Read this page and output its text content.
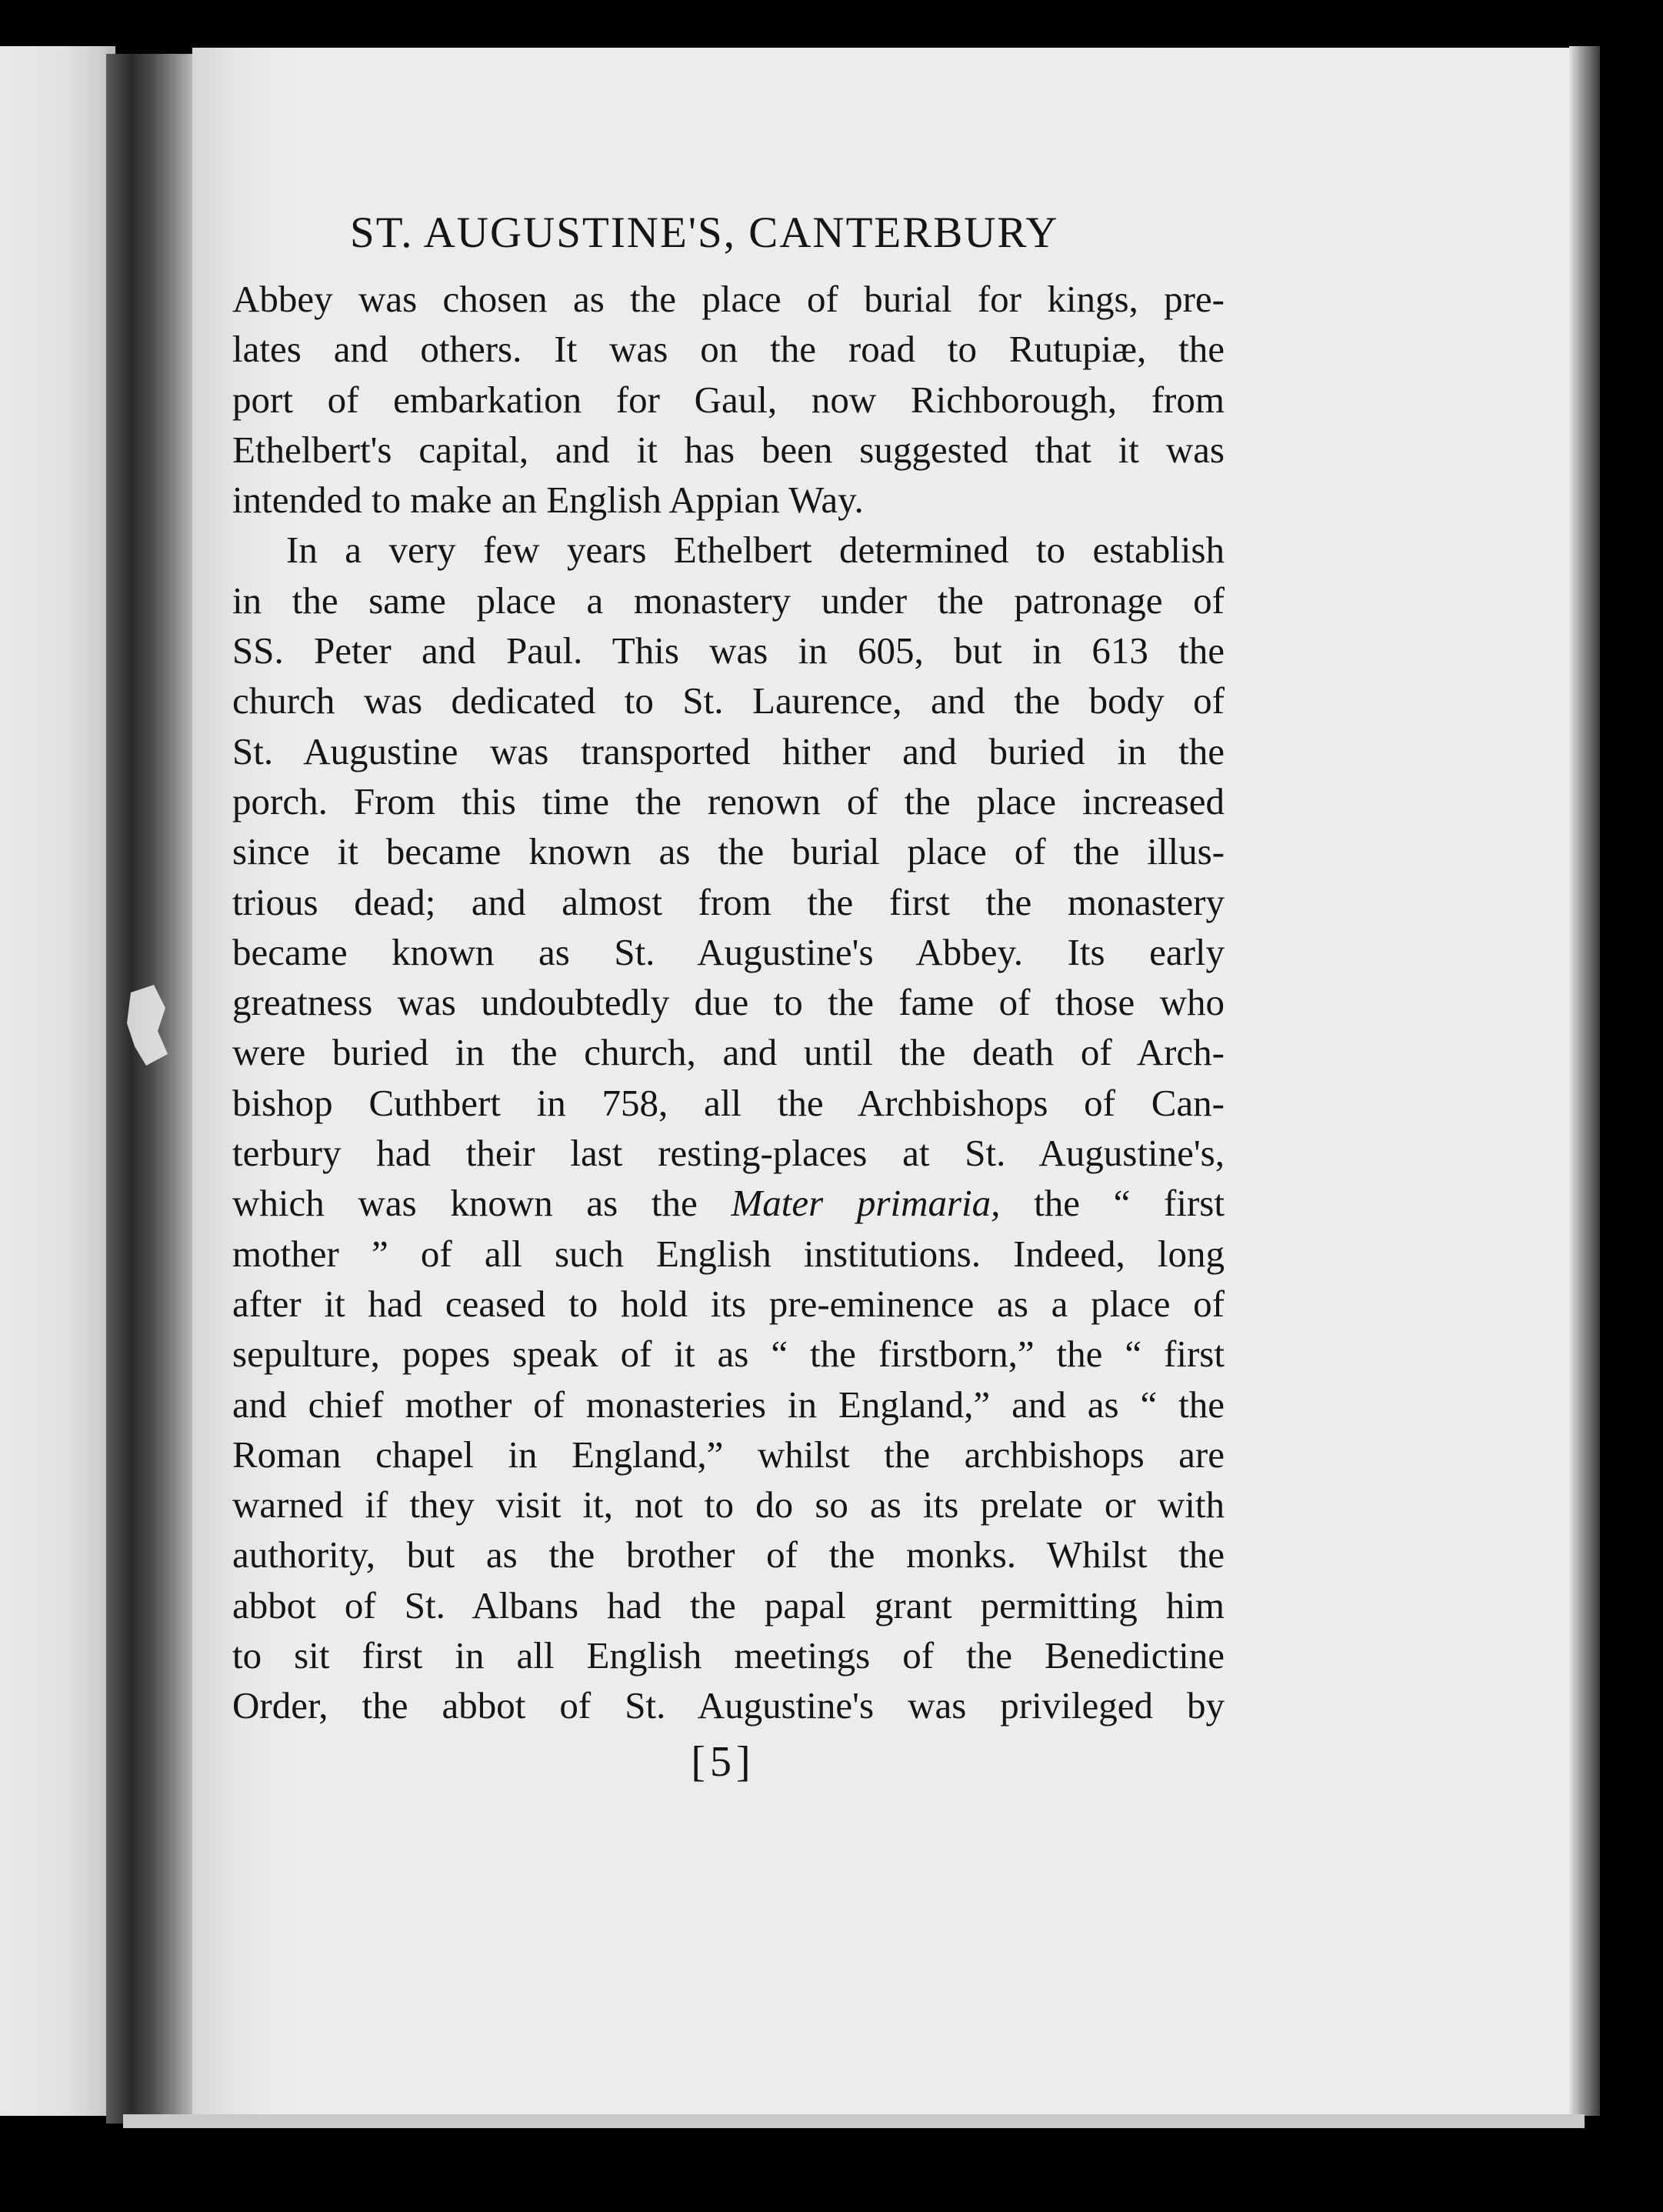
ST. AUGUSTINE'S, CANTERBURY
Abbey was chosen as the place of burial for kings, pre-
lates and others. It was on the road to Rutupiæ, the
port of embarkation for Gaul, now Richborough, from
Ethelbert's capital, and it has been suggested that it was
intended to make an English Appian Way.
In a very few years Ethelbert determined to establish
in the same place a monastery under the patronage of
SS. Peter and Paul. This was in 605, but in 613 the
church was dedicated to St. Laurence, and the body of
St. Augustine was transported hither and buried in the
porch. From this time the renown of the place increased
since it became known as the burial place of the illus-
trious dead; and almost from the first the monastery
became known as St. Augustine's Abbey. Its early
greatness was undoubtedly due to the fame of those who
were buried in the church, and until the death of Arch-
bishop Cuthbert in 758, all the Archbishops of Can-
terbury had their last resting-places at St. Augustine's,
which was known as the Mater primaria, the “ first
mother ” of all such English institutions. Indeed, long
after it had ceased to hold its pre-eminence as a place of
sepulture, popes speak of it as “ the firstborn,” the “ first
and chief mother of monasteries in England,” and as “ the
Roman chapel in England,” whilst the archbishops are
warned if they visit it, not to do so as its prelate or with
authority, but as the brother of the monks. Whilst the
abbot of St. Albans had the papal grant permitting him
to sit first in all English meetings of the Benedictine
Order, the abbot of St. Augustine's was privileged by
[5]
